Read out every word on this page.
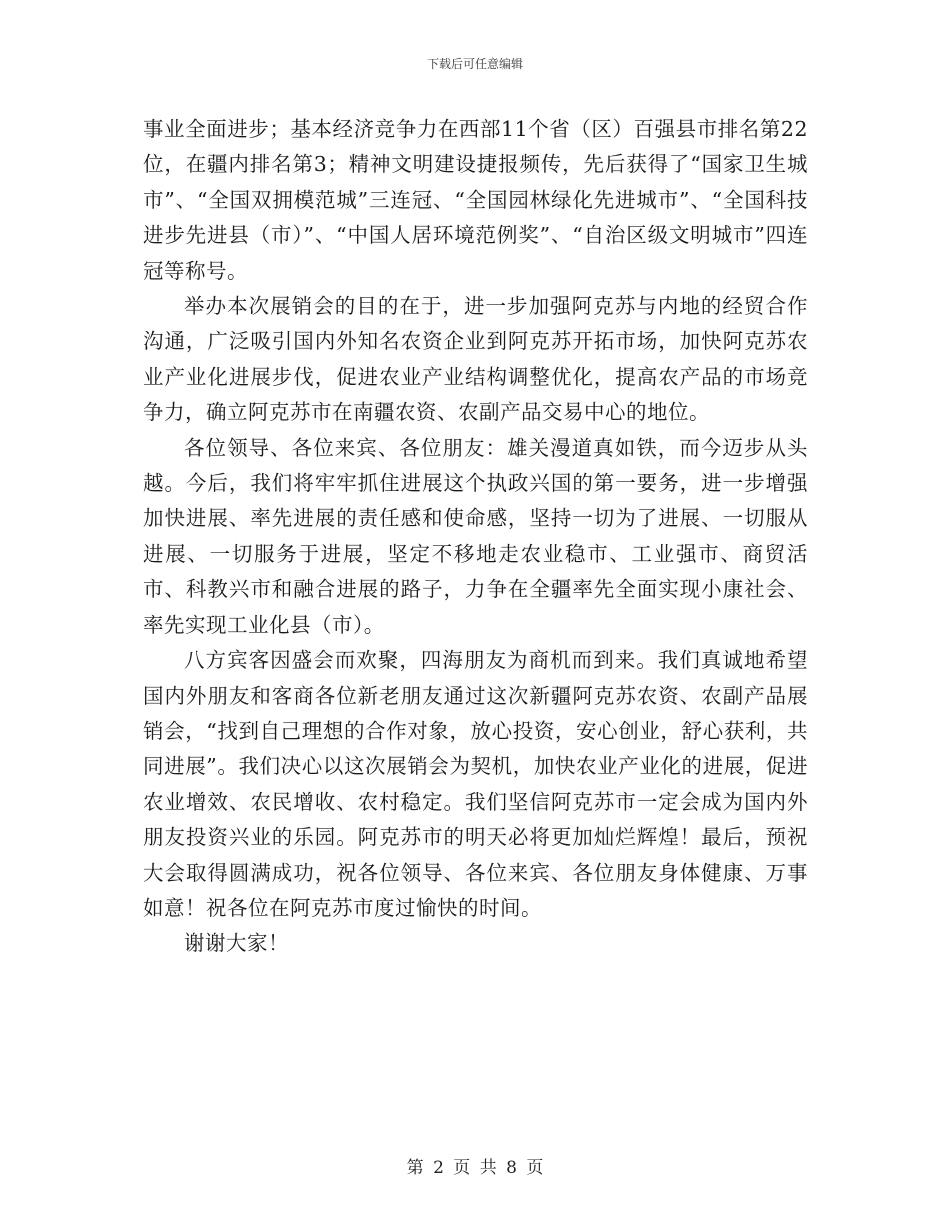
下载后可任意编辑

事业全面进步；基本经济竞争力在西部11个省（区）百强县市排名第22位，在疆内排名第3；精神文明建设捷报频传，先后获得了“国家卫生城市”、“全国双拥模范城”三连冠、“全国园林绿化先进城市”、“全国科技进步先进县（市）”、“中国人居环境范例奖”、“自治区级文明城市”四连冠等称号。

举办本次展销会的目的在于，进一步加强阿克苏与内地的经贸合作沟通，广泛吸引国内外知名农资企业到阿克苏开拓市场，加快阿克苏农业产业化进展步伐，促进农业产业结构调整优化，提高农产品的市场竞争力，确立阿克苏市在南疆农资、农副产品交易中心的地位。

各位领导、各位来宾、各位朋友：雄关漫道真如铁，而今迈步从头越。今后，我们将牢牢抓住进展这个执政兴国的第一要务，进一步增强加快进展、率先进展的责任感和使命感，坚持一切为了进展、一切服从进展、一切服务于进展，坚定不移地走农业稳市、工业强市、商贸活市、科教兴市和融合进展的路子，力争在全疆率先全面实现小康社会、率先实现工业化县（市）。

八方宾客因盛会而欢聚，四海朋友为商机而到来。我们真诚地希望国内外朋友和客商各位新老朋友通过这次新疆阿克苏农资、农副产品展销会，“找到自己理想的合作对象，放心投资，安心创业，舒心获利，共同进展”。我们决心以这次展销会为契机，加快农业产业化的进展，促进农业增效、农民增收、农村稳定。我们坚信阿克苏市一定会成为国内外朋友投资兴业的乐园。阿克苏市的明天必将更加灿烂辉煌！最后，预祝大会取得圆满成功，祝各位领导、各位来宾、各位朋友身体健康、万事如意！祝各位在阿克苏市度过愉快的时间。

谢谢大家！

第 2 页 共 8 页
